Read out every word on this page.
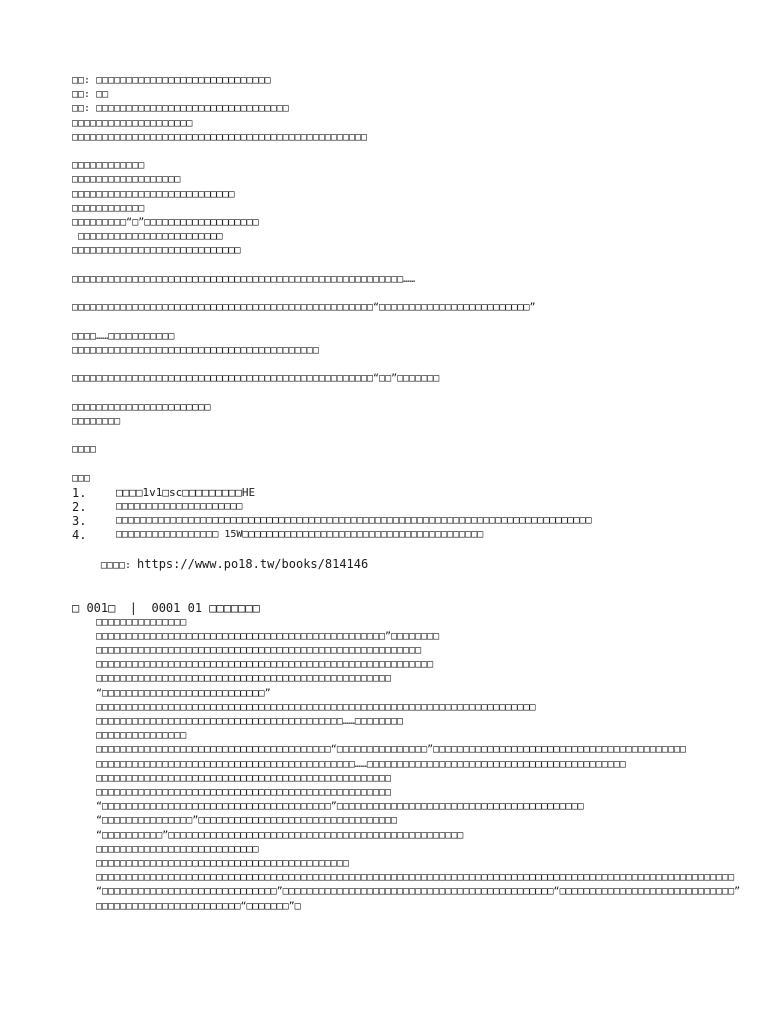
□□: □□□□□□□□□□□□□□□□□□□□□□□□□□□□□
□□: □□
□□: □□□□□□□□□□□□□□□□□□□□□□□□□□□□□□□□
□□□□□□□□□□□□□□□□□□□□
□□□□□□□□□□□□□□□□□□□□□□□□□□□□□□□□□□□□□□□□□□□□□□□□□
□□□□□□□□□□□□
□□□□□□□□□□□□□□□□□□
□□□□□□□□□□□□□□□□□□□□□□□□□□□
□□□□□□□□□□□□
□□□□□□□□□“□”□□□□□□□□□□□□□□□□□□□
□□□□□□□□□□□□□□□□□□□□□□□□
□□□□□□□□□□□□□□□□□□□□□□□□□□□□
□□□□□□□□□□□□□□□□□□□□□□□□□□□□□□□□□□□□□□□□□□□□□□□□□□□□□□□……
□□□□□□□□□□□□□□□□□□□□□□□□□□□□□□□□□□□□□□□□□□□□□□□□□□“□□□□□□□□□□□□□□□□□□□□□□□□□”
□□□□……□□□□□□□□□□□
□□□□□□□□□□□□□□□□□□□□□□□□□□□□□□□□□□□□□□□□□
□□□□□□□□□□□□□□□□□□□□□□□□□□□□□□□□□□□□□□□□□□□□□□□□□□“□□”□□□□□□□
□□□□□□□□□□□□□□□□□□□□□□□
□□□□□□□□
□□□□
□□□
1.	□□□□1v1□sc□□□□□□□□□HE
2.	□□□□□□□□□□□□□□□□□□□□□
3.	□□□□□□□□□□□□□□□□□□□□□□□□□□□□□□□□□□□□□□□□□□□□□□□□□□□□□□□□□□□□□□□□□□□□□□□□□□□□□□□
4.	□□□□□□□□□□□□□□□□□ 15W□□□□□□□□□□□□□□□□□□□□□□□□□□□□□□□□□□□□□□□□

□□□□: https://www.po18.tw/books/814146

□ 001□  |  0001 01 □□□□□□□
□□□□□□□□□□□□□□□
□□□□□□□□□□□□□□□□□□□□□□□□□□□□□□□□□□□□□□□□□□□□□□□□”□□□□□□□□
□□□□□□□□□□□□□□□□□□□□□□□□□□□□□□□□□□□□□□□□□□□□□□□□□□□□□□
□□□□□□□□□□□□□□□□□□□□□□□□□□□□□□□□□□□□□□□□□□□□□□□□□□□□□□□□
□□□□□□□□□□□□□□□□□□□□□□□□□□□□□□□□□□□□□□□□□□□□□□□□□
“□□□□□□□□□□□□□□□□□□□□□□□□□□□”
□□□□□□□□□□□□□□□□□□□□□□□□□□□□□□□□□□□□□□□□□□□□□□□□□□□□□□□□□□□□□□□□□□□□□□□□□
□□□□□□□□□□□□□□□□□□□□□□□□□□□□□□□□□□□□□□□□□……□□□□□□□□
□□□□□□□□□□□□□□□
□□□□□□□□□□□□□□□□□□□□□□□□□□□□□□□□□□□□□□□“□□□□□□□□□□□□□□□”□□□□□□□□□□□□□□□□□□□□□□□□□□□□□□□□□□□□□□□□□□
□□□□□□□□□□□□□□□□□□□□□□□□□□□□□□□□□□□□□□□□□□□……□□□□□□□□□□□□□□□□□□□□□□□□□□□□□□□□□□□□□□□□□□□
□□□□□□□□□□□□□□□□□□□□□□□□□□□□□□□□□□□□□□□□□□□□□□□□□
□□□□□□□□□□□□□□□□□□□□□□□□□□□□□□□□□□□□□□□□□□□□□□□□□
“□□□□□□□□□□□□□□□□□□□□□□□□□□□□□□□□□□□□□□”□□□□□□□□□□□□□□□□□□□□□□□□□□□□□□□□□□□□□□□□□
“□□□□□□□□□□□□□□□”□□□□□□□□□□□□□□□□□□□□□□□□□□□□□□□□□
“□□□□□□□□□□”□□□□□□□□□□□□□□□□□□□□□□□□□□□□□□□□□□□□□□□□□□□□□□□□□
□□□□□□□□□□□□□□□□□□□□□□□□□□□
□□□□□□□□□□□□□□□□□□□□□□□□□□□□□□□□□□□□□□□□□□
□□□□□□□□□□□□□□□□□□□□□□□□□□□□□□□□□□□□□□□□□□□□□□□□□□□□□□□□□□□□□□□□□□□□□□□□□□□□□□□□□□□□□□□□□□□□□□□□□□□□□□□□□□
“□□□□□□□□□□□□□□□□□□□□□□□□□□□□□”□□□□□□□□□□□□□□□□□□□□□□□□□□□□□□□□□□□□□□□□□□□□□“□□□□□□□□□□□□□□□□□□□□□□□□□□□□□”
□□□□□□□□□□□□□□□□□□□□□□□□“□□□□□□□”□
